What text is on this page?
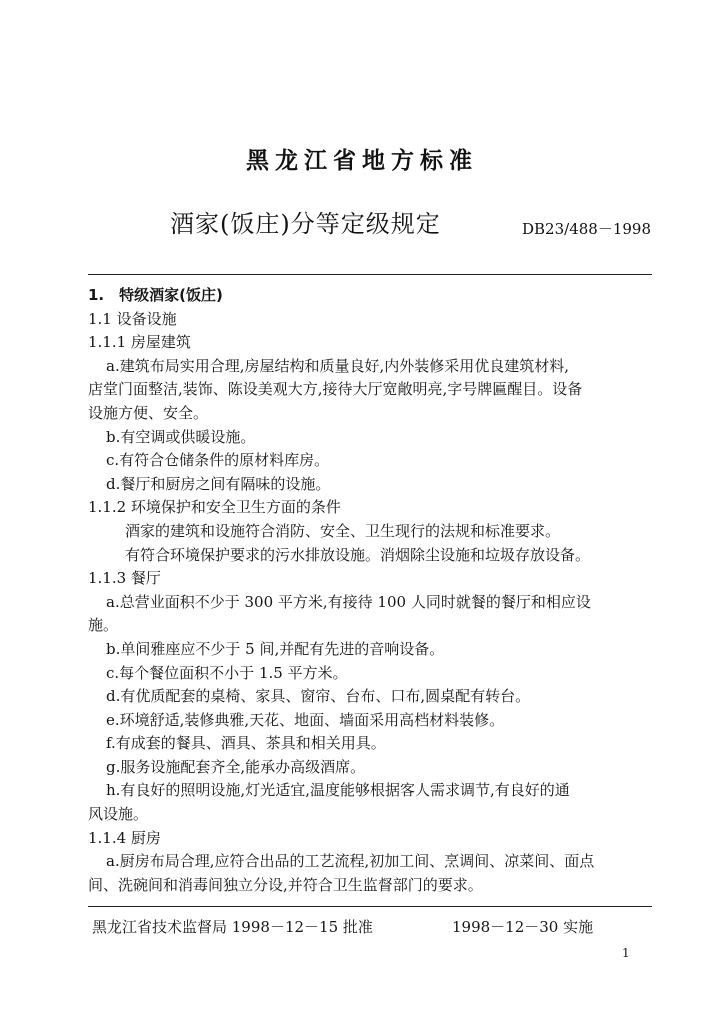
黑龙江省地方标准
酒家(饭庄)分等定级规定	DB23/488－1998
1.　特级酒家(饭庄)
1.1 设备设施
1.1.1 房屋建筑
a.建筑布局实用合理,房屋结构和质量良好,内外装修采用优良建筑材料,
店堂门面整洁,装饰、陈设美观大方,接待大厅宽敞明亮,字号牌匾醒目。设备
设施方便、安全。
b.有空调或供暖设施。
c.有符合仓储条件的原材料库房。
d.餐厅和厨房之间有隔味的设施。
1.1.2 环境保护和安全卫生方面的条件
酒家的建筑和设施符合消防、安全、卫生现行的法规和标准要求。
有符合环境保护要求的污水排放设施。消烟除尘设施和垃圾存放设备。
1.1.3 餐厅
a.总营业面积不少于 300 平方米,有接待 100 人同时就餐的餐厅和相应设
施。
b.单间雅座应不少于 5 间,并配有先进的音响设备。
c.每个餐位面积不小于 1.5 平方米。
d.有优质配套的桌椅、家具、窗帘、台布、口布,圆桌配有转台。
e.环境舒适,装修典雅,天花、地面、墙面采用高档材料装修。
f.有成套的餐具、酒具、茶具和相关用具。
g.服务设施配套齐全,能承办高级酒席。
h.有良好的照明设施,灯光适宜,温度能够根据客人需求调节,有良好的通
风设施。
1.1.4 厨房
a.厨房布局合理,应符合出品的工艺流程,初加工间、烹调间、凉菜间、面点
间、洗碗间和消毒间独立分设,并符合卫生监督部门的要求。
黑龙江省技术监督局 1998－12－15 批准	1998－12－30 实施
1
